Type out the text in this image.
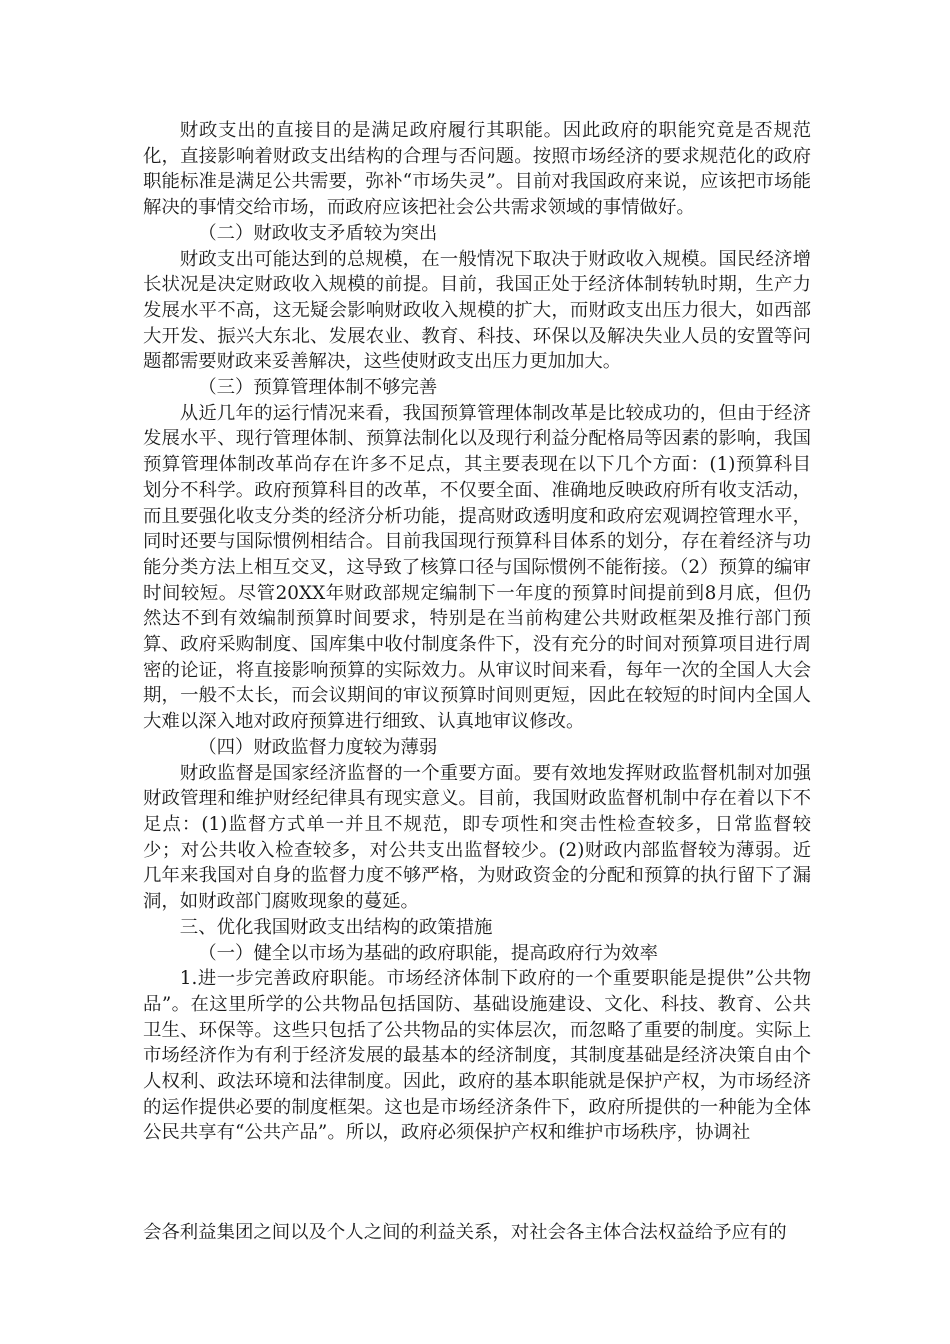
财政支出的直接目的是满足政府履行其职能。因此政府的职能究竟是否规范化，直接影响着财政支出结构的合理与否问题。按照市场经济的要求规范化的政府职能标准是满足公共需要，弥补“市场失灵”。目前对我国政府来说，应该把市场能解决的事情交给市场，而政府应该把社会公共需求领域的事情做好。

（二）财政收支矛盾较为突出

财政支出可能达到的总规模，在一般情况下取决于财政收入规模。国民经济增长状况是决定财政收入规模的前提。目前，我国正处于经济体制转轨时期，生产力发展水平不高，这无疑会影响财政收入规模的扩大，而财政支出压力很大，如西部大开发、振兴大东北、发展农业、教育、科技、环保以及解决失业人员的安置等问题都需要财政来妥善解决，这些使财政支出压力更加加大。

（三）预算管理体制不够完善

从近几年的运行情况来看，我国预算管理体制改革是比较成功的，但由于经济发展水平、现行管理体制、预算法制化以及现行利益分配格局等因素的影响，我国预算管理体制改革尚存在许多不足点，其主要表现在以下几个方面：(1)预算科目划分不科学。政府预算科目的改革，不仅要全面、准确地反映政府所有收支活动，而且要强化收支分类的经济分析功能，提高财政透明度和政府宏观调控管理水平，同时还要与国际惯例相结合。目前我国现行预算科目体系的划分，存在着经济与功能分类方法上相互交叉，这导致了核算口径与国际惯例不能衔接。（2）预算的编审时间较短。尽管20XX年财政部规定编制下一年度的预算时间提前到8月底，但仍然达不到有效编制预算时间要求，特别是在当前构建公共财政框架及推行部门预算、政府采购制度、国库集中收付制度条件下，没有充分的时间对预算项目进行周密的论证，将直接影响预算的实际效力。从审议时间来看，每年一次的全国人大会期，一般不太长，而会议期间的审议预算时间则更短，因此在较短的时间内全国人大难以深入地对政府预算进行细致、认真地审议修改。

（四）财政监督力度较为薄弱

财政监督是国家经济监督的一个重要方面。要有效地发挥财政监督机制对加强财政管理和维护财经纪律具有现实意义。目前，我国财政监督机制中存在着以下不足点：(1)监督方式单一并且不规范，即专项性和突击性检查较多，日常监督较少；对公共收入检查较多，对公共支出监督较少。(2)财政内部监督较为薄弱。近几年来我国对自身的监督力度不够严格，为财政资金的分配和预算的执行留下了漏洞，如财政部门腐败现象的蔓延。

三、优化我国财政支出结构的政策措施

（一）健全以市场为基础的政府职能，提高政府行为效率

1.进一步完善政府职能。市场经济体制下政府的一个重要职能是提供”公共物品”。在这里所学的公共物品包括国防、基础设施建设、文化、科技、教育、公共卫生、环保等。这些只包括了公共物品的实体层次，而忽略了重要的制度。实际上市场经济作为有利于经济发展的最基本的经济制度，其制度基础是经济决策自由个人权利、政法环境和法律制度。因此，政府的基本职能就是保护产权，为市场经济的运作提供必要的制度框架。这也是市场经济条件下，政府所提供的一种能为全体公民共享有“公共产品”。所以，政府必须保护产权和维护市场秩序，协调社

会各利益集团之间以及个人之间的利益关系，对社会各主体合法权益给予应有的
